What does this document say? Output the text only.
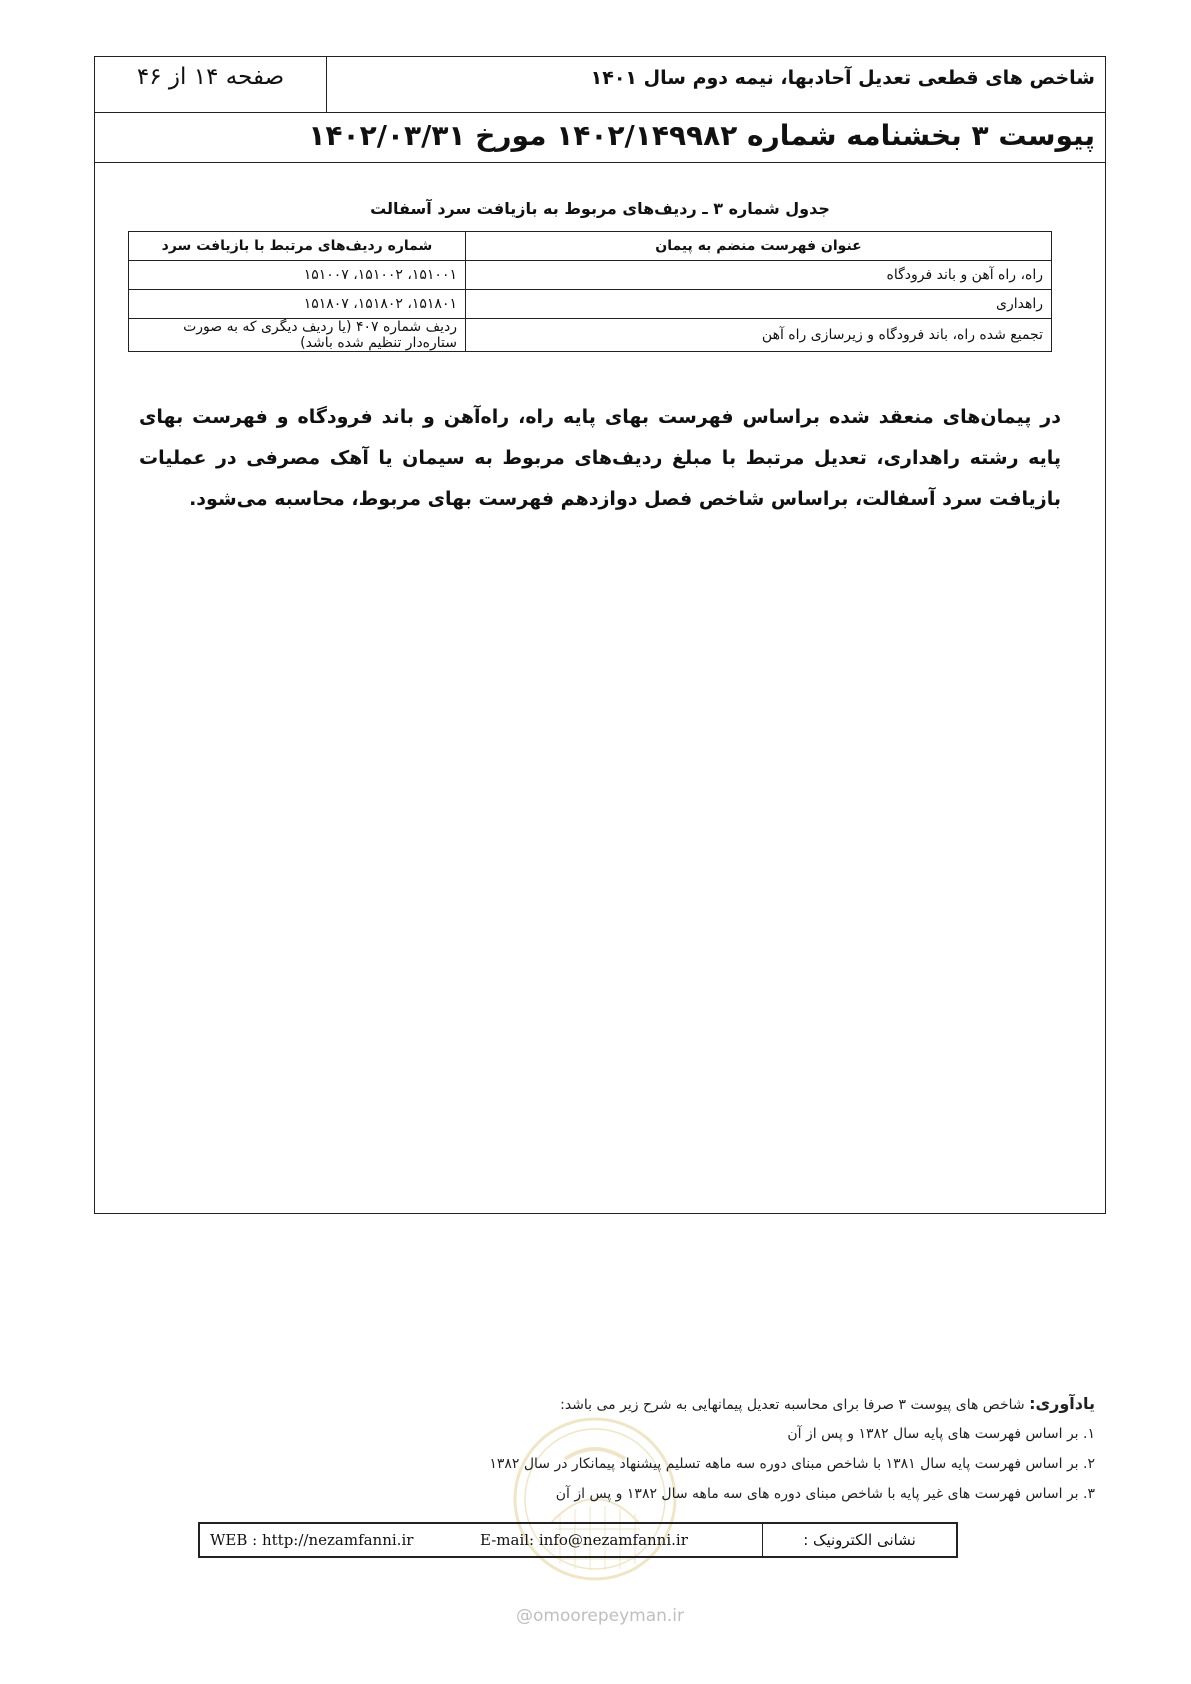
شاخص های قطعی تعدیل آحادبها، نیمه دوم سال ۱۴۰۱
صفحه ۱۴ از ۴۶
پیوست ۳ بخشنامه شماره ۱۴۰۲/۱۴۹۹۸۲ مورخ ۱۴۰۲/۰۳/۳۱
جدول شماره ۳ ـ ردیف‌های مربوط به بازیافت سرد آسفالت
عنوان فهرست منضم به پیمان	شماره ردیف‌های مرتبط با بازیافت سرد
راه، راه آهن و باند فرودگاه	۱۵۱۰۰۱، ۱۵۱۰۰۲، ۱۵۱۰۰۷
راهداری	۱۵۱۸۰۱، ۱۵۱۸۰۲، ۱۵۱۸۰۷
تجمیع شده راه، باند فرودگاه و زیرسازی راه آهن	ردیف شماره ۴۰۷ (یا ردیف دیگری که به صورت ستاره‌دار تنظیم شده باشد)
در پیمان‌های منعقد شده براساس فهرست بهای پایه راه، راه‌آهن و باند فرودگاه و فهرست بهای پایه رشته راهداری، تعدیل مرتبط با مبلغ ردیف‌های مربوط به سیمان یا آهک مصرفی در عملیات بازیافت سرد آسفالت، براساس شاخص فصل دوازدهم فهرست بهای مربوط، محاسبه می‌شود.
یادآوری: شاخص های پیوست ۳ صرفا برای محاسبه تعدیل پیمانهایی به شرح زیر می باشد:
۱. بر اساس فهرست های پایه سال ۱۳۸۲ و پس از آن
۲. بر اساس فهرست پایه سال ۱۳۸۱ با شاخص مبنای دوره سه ماهه تسلیم پیشنهاد پیمانکار در سال ۱۳۸۲
۳. بر اساس فهرست های غیر پایه با شاخص مبنای دوره های سه ماهه سال ۱۳۸۲ و پس از آن
نشانی الکترونیک :
E-mail: info@nezamfanni.ir
WEB : http://nezamfanni.ir
@omoorepeyman.ir
